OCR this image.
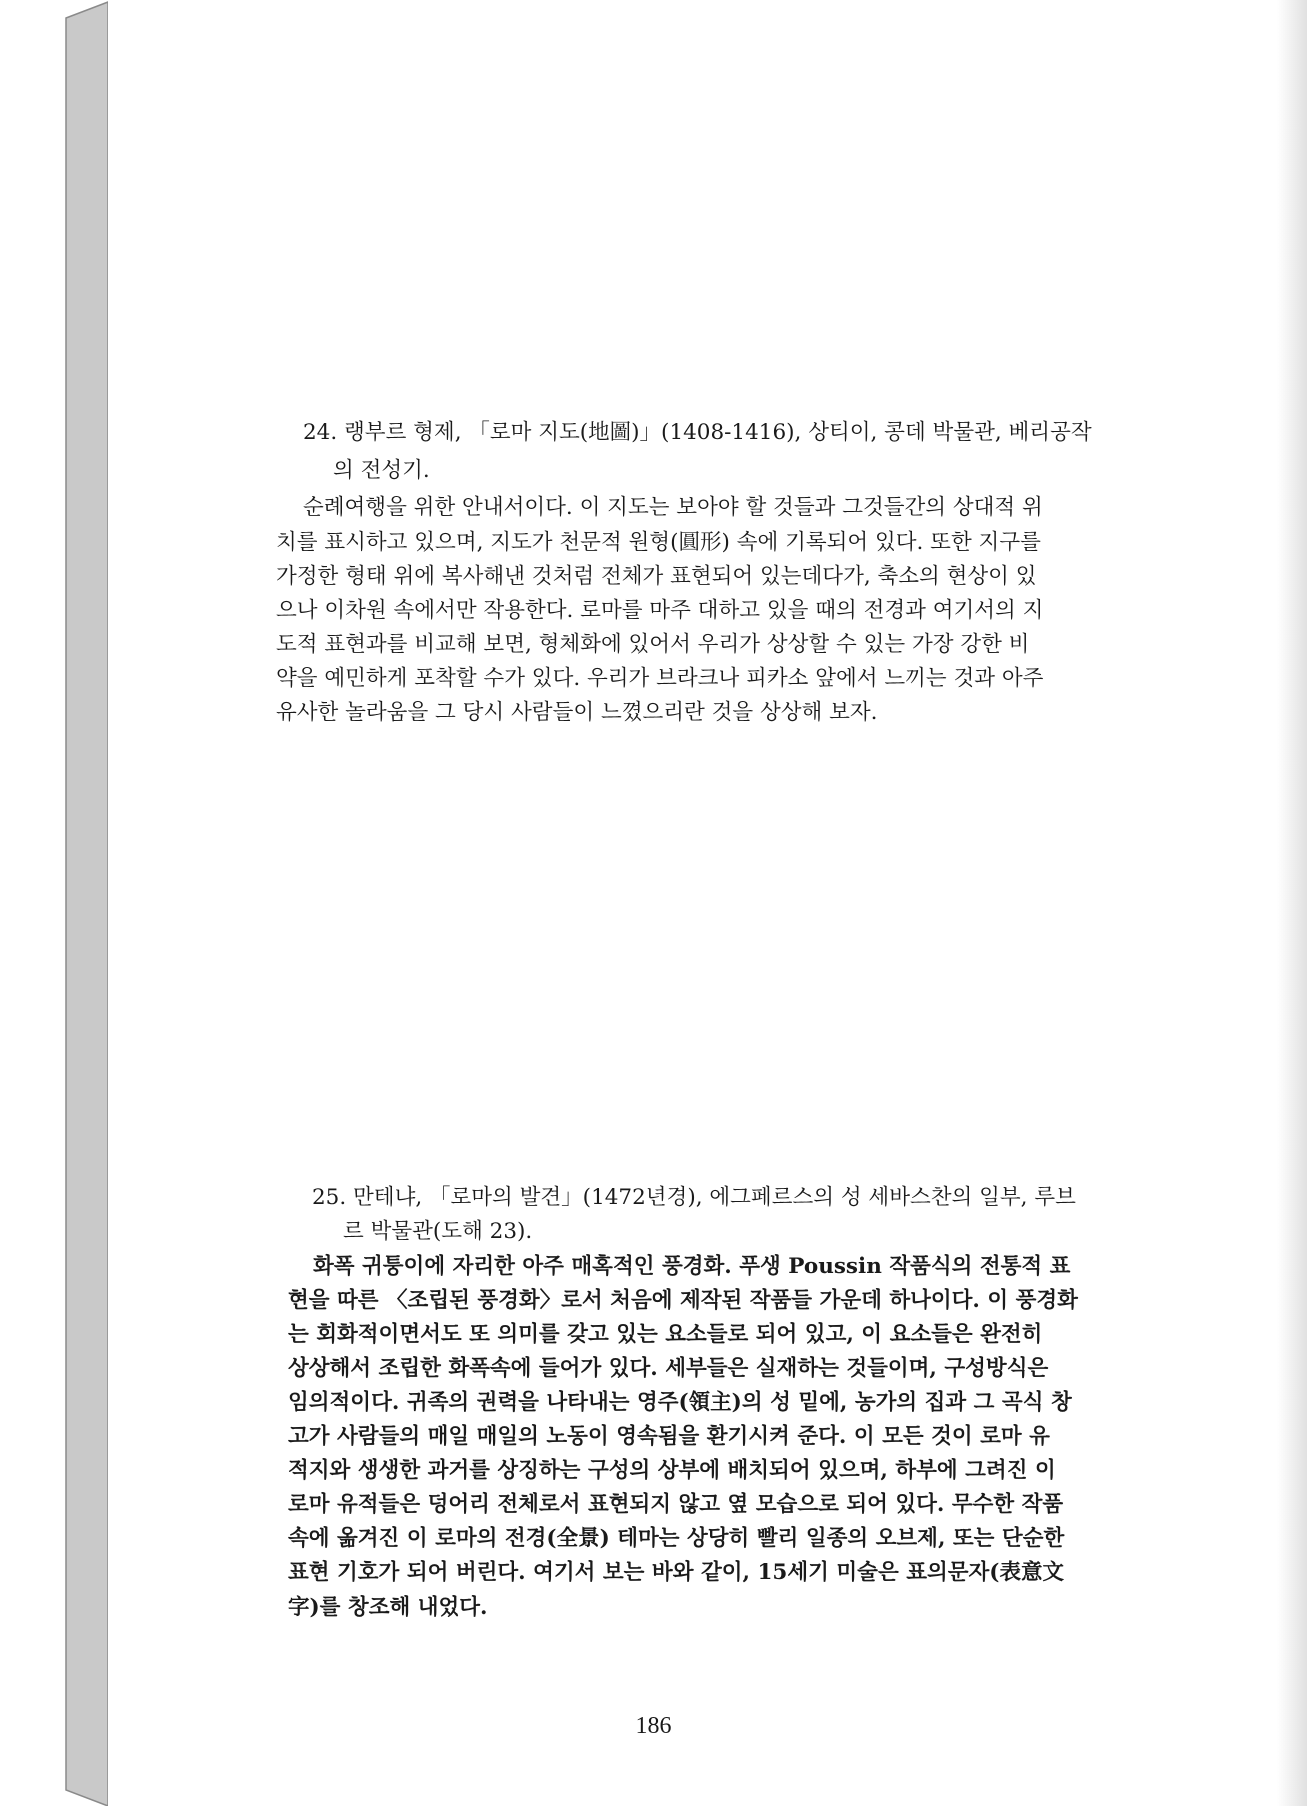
24. 랭부르 형제, 「로마 지도(地圖)」(1408-1416), 상티이, 콩데 박물관, 베리공작
의 전성기.
순례여행을 위한 안내서이다. 이 지도는 보아야 할 것들과 그것들간의 상대적 위
치를 표시하고 있으며, 지도가 천문적 원형(圓形) 속에 기록되어 있다. 또한 지구를
가정한 형태 위에 복사해낸 것처럼 전체가 표현되어 있는데다가, 축소의 현상이 있
으나 이차원 속에서만 작용한다. 로마를 마주 대하고 있을 때의 전경과 여기서의 지
도적 표현과를 비교해 보면, 형체화에 있어서 우리가 상상할 수 있는 가장 강한 비
약을 예민하게 포착할 수가 있다. 우리가 브라크나 피카소 앞에서 느끼는 것과 아주
유사한 놀라움을 그 당시 사람들이 느꼈으리란 것을 상상해 보자.
25. 만테냐, 「로마의 발견」(1472년경), 에그페르스의 성 세바스찬의 일부, 루브
르 박물관(도해 23).
화폭 귀퉁이에 자리한 아주 매혹적인 풍경화. 푸생 Poussin 작품식의 전통적 표
현을 따른 〈조립된 풍경화〉로서 처음에 제작된 작품들 가운데 하나이다. 이 풍경화
는 회화적이면서도 또 의미를 갖고 있는 요소들로 되어 있고, 이 요소들은 완전히
상상해서 조립한 화폭속에 들어가 있다. 세부들은 실재하는 것들이며, 구성방식은
임의적이다. 귀족의 권력을 나타내는 영주(領主)의 성 밑에, 농가의 집과 그 곡식 창
고가 사람들의 매일 매일의 노동이 영속됨을 환기시켜 준다. 이 모든 것이 로마 유
적지와 생생한 과거를 상징하는 구성의 상부에 배치되어 있으며, 하부에 그려진 이
로마 유적들은 덩어리 전체로서 표현되지 않고 옆 모습으로 되어 있다. 무수한 작품
속에 옮겨진 이 로마의 전경(全景) 테마는 상당히 빨리 일종의 오브제, 또는 단순한
표현 기호가 되어 버린다. 여기서 보는 바와 같이, 15세기 미술은 표의문자(表意文
字)를 창조해 내었다.
186
